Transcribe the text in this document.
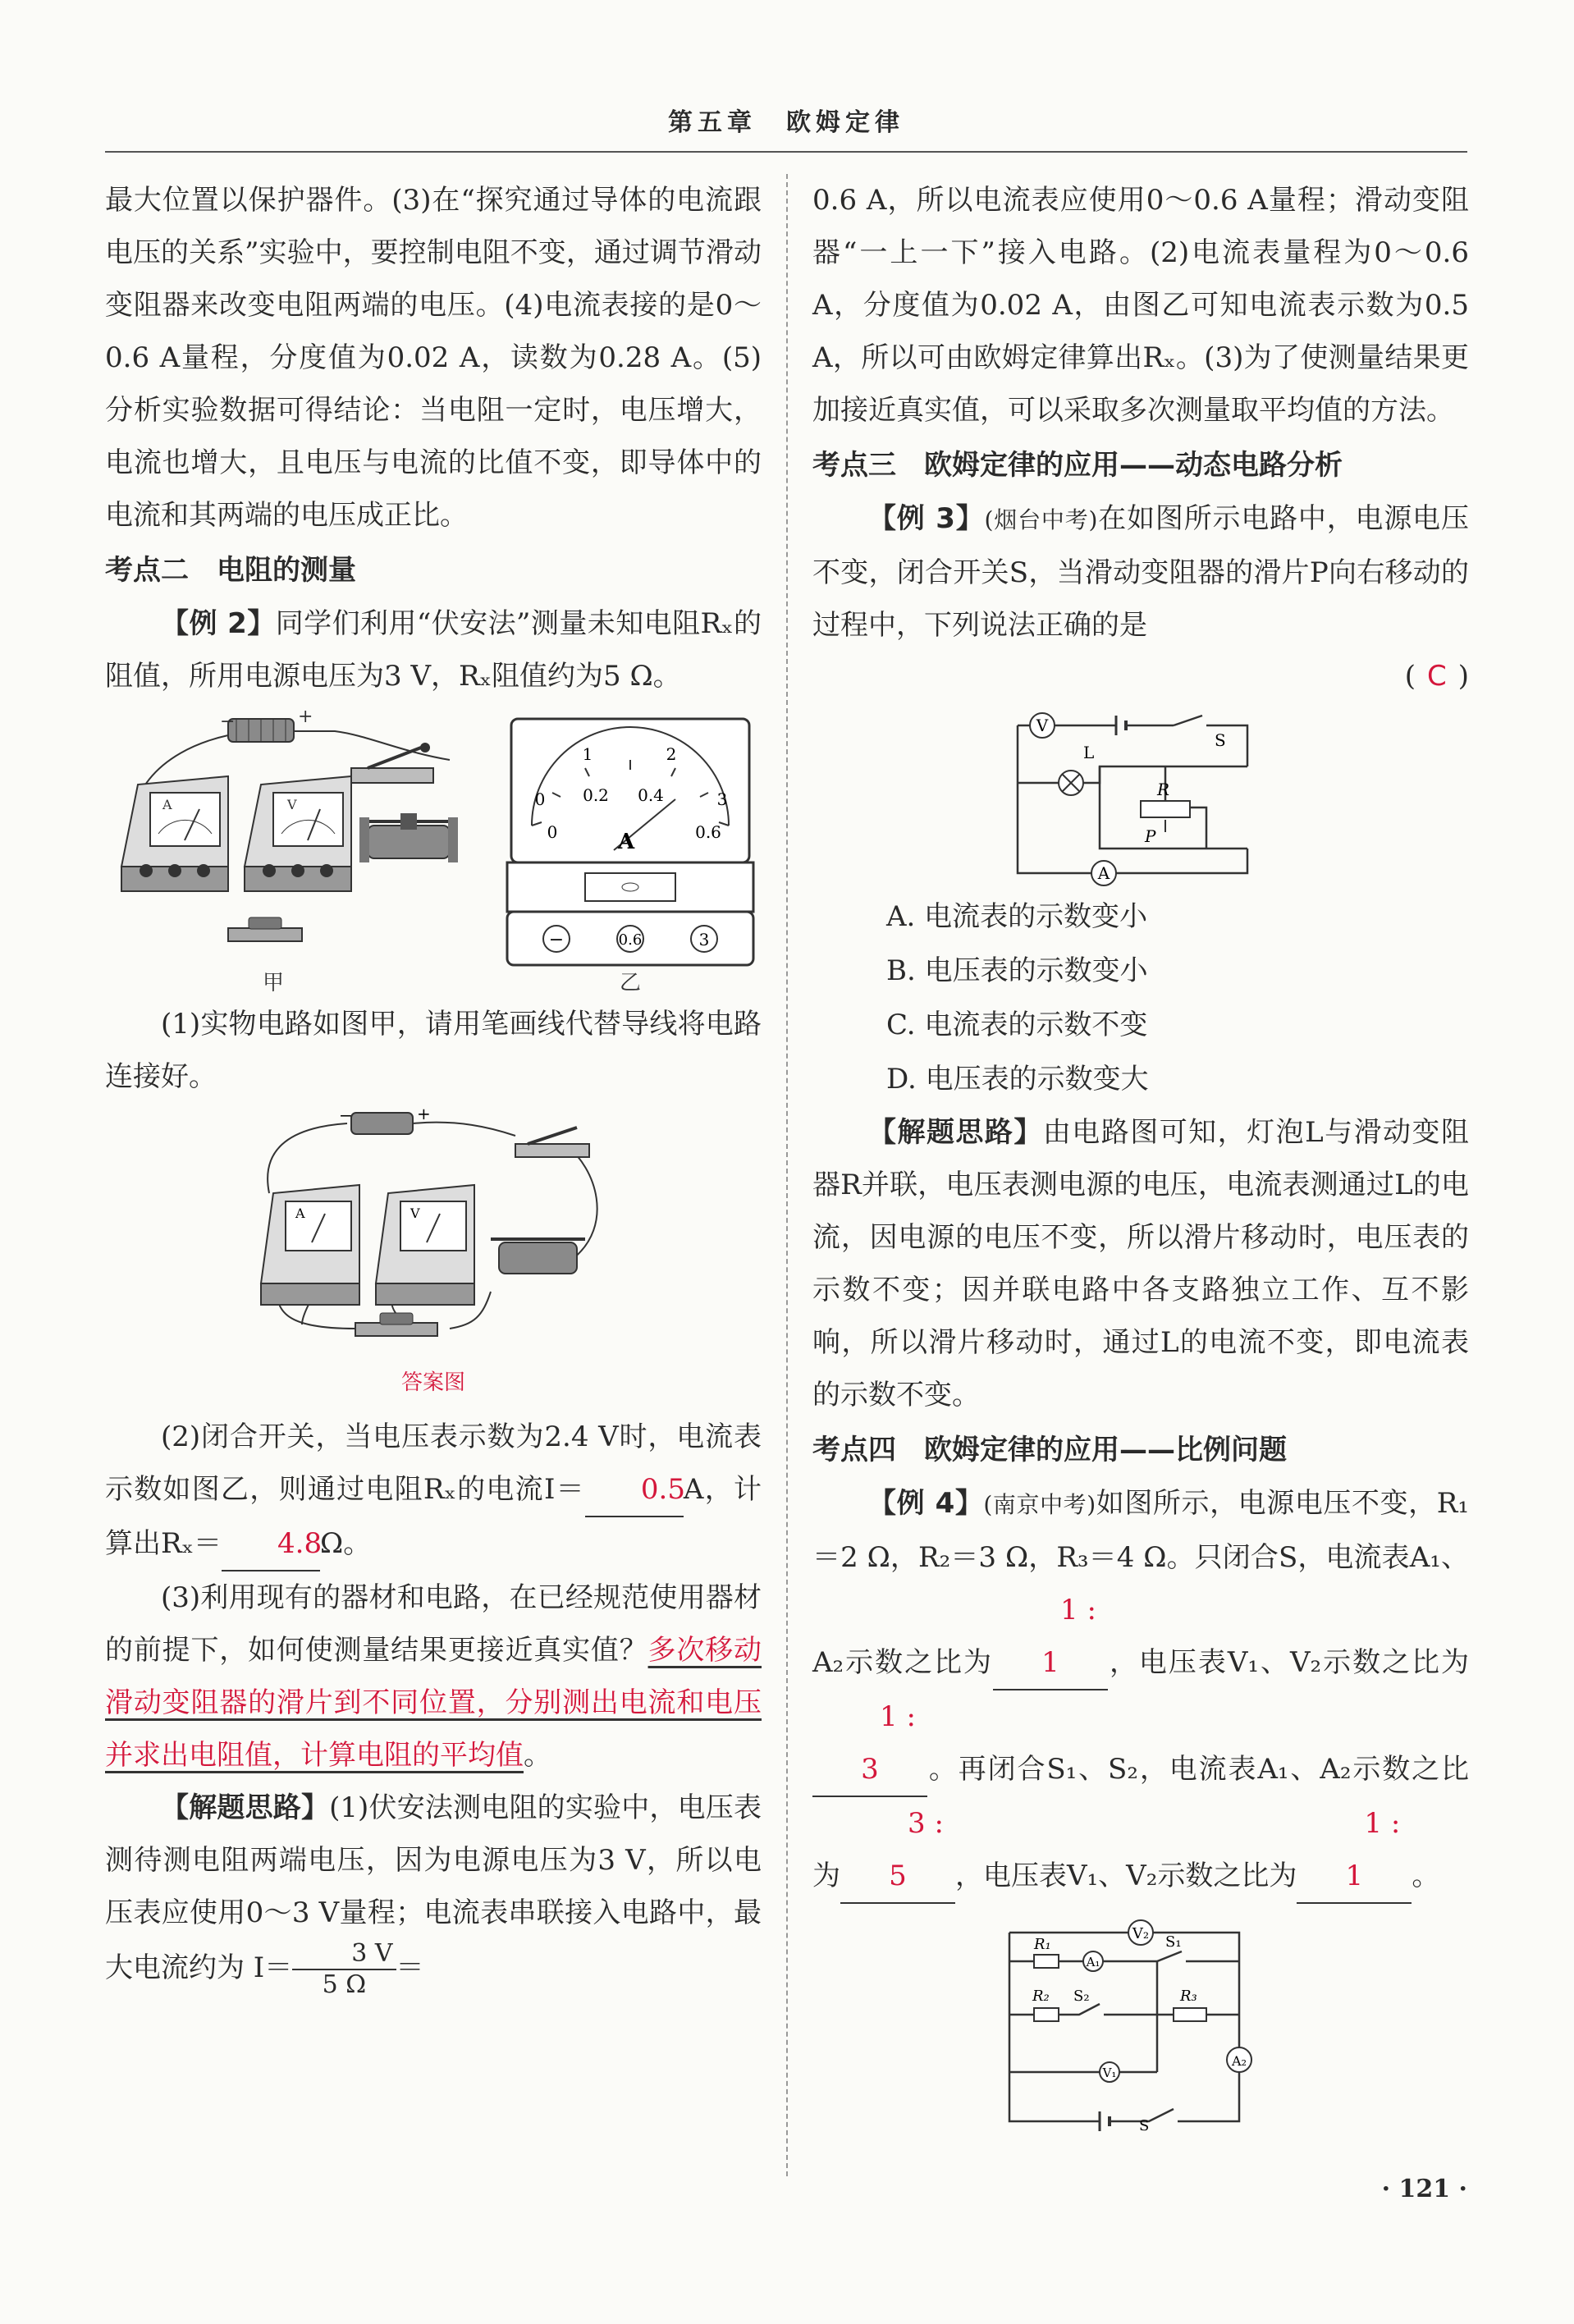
第五章　欧姆定律

最大位置以保护器件。(3)在“探究通过导体的电流跟电压的关系”实验中，要控制电阻不变，通过调节滑动变阻器来改变电阻两端的电压。(4)电流表接的是0～0.6 A量程，分度值为0.02 A，读数为0.28 A。(5)分析实验数据可得结论：当电阻一定时，电压增大，电流也增大，且电压与电流的比值不变，即导体中的电流和其两端的电压成正比。

考点二　电阻的测量

【例 2】同学们利用“伏安法”测量未知电阻Rₓ的阻值，所用电源电压为3 V，Rₓ阻值约为5 Ω。

−	+
A	V
甲
0
1	2
3
0
0.2 0.4
0.6
A
−	0.6	3
乙

(1)实物电路如图甲，请用笔画线代替导线将电路连接好。

−	+
A	V
答案图

(2)闭合开关，当电压表示数为2.4 V时，电流表示数如图乙，则通过电阻Rₓ的电流I＝ 0.5A，计算出Rₓ＝ 4.8Ω。

(3)利用现有的器材和电路，在已经规范使用器材的前提下，如何使测量结果更接近真实值？多次移动滑动变阻器的滑片到不同位置，分别测出电流和电压并求出电阻值，计算电阻的平均值。

【解题思路】(1)伏安法测电阻的实验中，电压表测待测电阻两端电压，因为电源电压为3 V，所以电压表应使用0～3 V量程；电流表串联接入电路中，最大电流约为 $I= \frac{3 V}{5 \Omega}=$

0.6 A，所以电流表应使用0～0.6 A量程；滑动变阻器“一上一下”接入电路。(2)电流表量程为0～0.6 A，分度值为0.02 A，由图乙可知电流表示数为0.5 A，所以可由欧姆定律算出Rₓ。(3)为了使测量结果更加接近真实值，可以采取多次测量取平均值的方法。

考点三　欧姆定律的应用——动态电路分析

【例 3】(烟台中考)在如图所示电路中，电源电压不变，闭合开关S，当滑动变阻器的滑片P向右移动的过程中，下列说法正确的是

( C )
V
L
R
P
S
A
A. 电流表的示数变小
B. 电压表的示数变小
C. 电流表的示数不变
D. 电压表的示数变大

【解题思路】由电路图可知，灯泡L与滑动变阻器R并联，电压表测电源的电压，电流表测通过L的电流，因电源的电压不变，所以滑片移动时，电压表的示数不变；因并联电路中各支路独立工作、互不影响，所以滑片移动时，通过L的电流不变，即电流表的示数不变。

考点四　欧姆定律的应用——比例问题

【例 4】(南京中考)如图所示，电源电压不变，R₁＝2 Ω，R₂＝3 Ω，R₃＝4 Ω。只闭合S，电流表A₁、A₂示数之比为1 : 1 ，电压表V₁、V₂示数之比为1 : 3 。再闭合S₁、S₂，电流表A₁、A₂示数之比为3 : 5 ，电压表V₁、V₂示数之比为1 : 1 。

V₂
R₁
A₁
S₁
R₂ S₂	R₃
V₁
A₂
S
· 121 ·
